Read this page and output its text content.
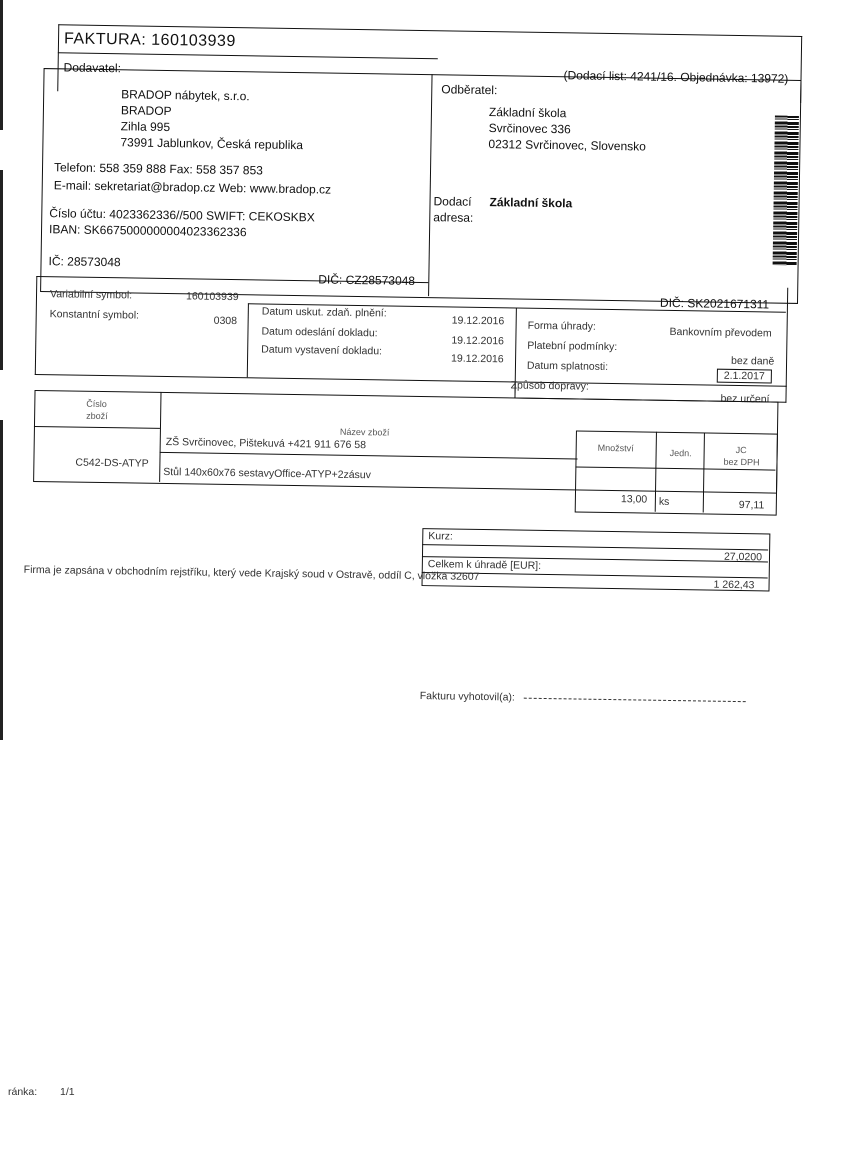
FAKTURA: 160103939
Dodavatel:
(Dodací list: 4241/16. Objednávka: 13972)
BRADOP nábytek, s.r.o.
BRADOP
Zihla 995
73991 Jablunkov, Česká republika
Telefon: 558 359 888 Fax: 558 357 853
E-mail: sekretariat@bradop.cz Web: www.bradop.cz
Číslo účtu: 4023362336//500 SWIFT: CEKOSKBX
IBAN: SK6675000000004023362336
IČ: 28573048
DIČ: CZ28573048
Odběratel:
Základní škola
Svrčinovec 336
02312 Svrčinovec, Slovensko
Dodací
adresa:
Základní škola
DIČ: SK2021671311
Variabilní symbol:	160103939
Konstantní symbol:	0308
Datum uskut. zdaň. plnění:
19.12.2016
Datum odeslání dokladu:
19.12.2016
Datum vystavení dokladu:
19.12.2016
Forma úhrady:	Bankovním převodem
Platební podmínky:
bez daně
Datum splatnosti:
2.1.2017
Způsob dopravy:
bez určení
Číslo
zboží
Název zboží
Množství	Jedn.	JC
bez DPH
ZŠ Svrčinovec, Pištekuvá +421 911 676 58
C542-DS-ATYP
Stůl 140x60x76 sestavyOffice-ATYP+2zásuv
13,00 ks	97,11
Kurz:
27,0200
Celkem k úhradě [EUR]:
1 262,43
Firma je zapsána v obchodním rejstříku, který vede Krajský soud v Ostravě, oddíl C, vložka 32607
Fakturu vyhotovil(a):
ránka: 1/1
